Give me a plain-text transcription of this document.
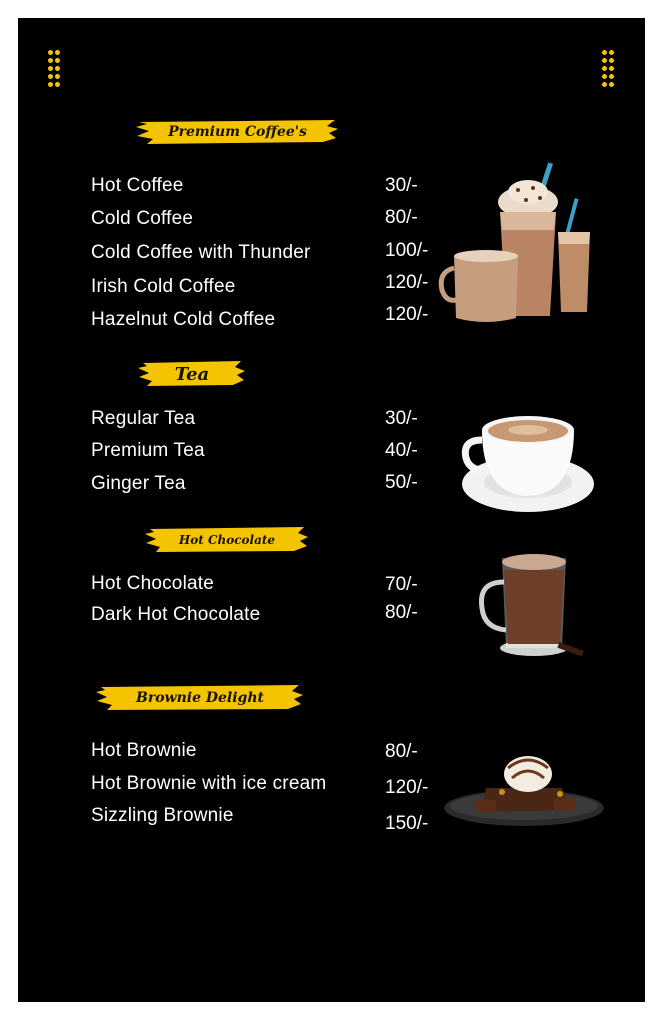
Premium Coffee's
Hot Coffee	30/-
Cold Coffee	80/-
Cold Coffee with Thunder	100/-
Irish Cold Coffee	120/-
Hazelnut Cold Coffee	120/-
Tea
Regular Tea	30/-
Premium Tea	40/-
Ginger Tea	50/-
Hot Chocolate
Hot Chocolate	70/-
Dark Hot Chocolate	80/-
Brownie Delight
Hot Brownie	80/-
Hot Brownie with ice cream	120/-
Sizzling Brownie	150/-
